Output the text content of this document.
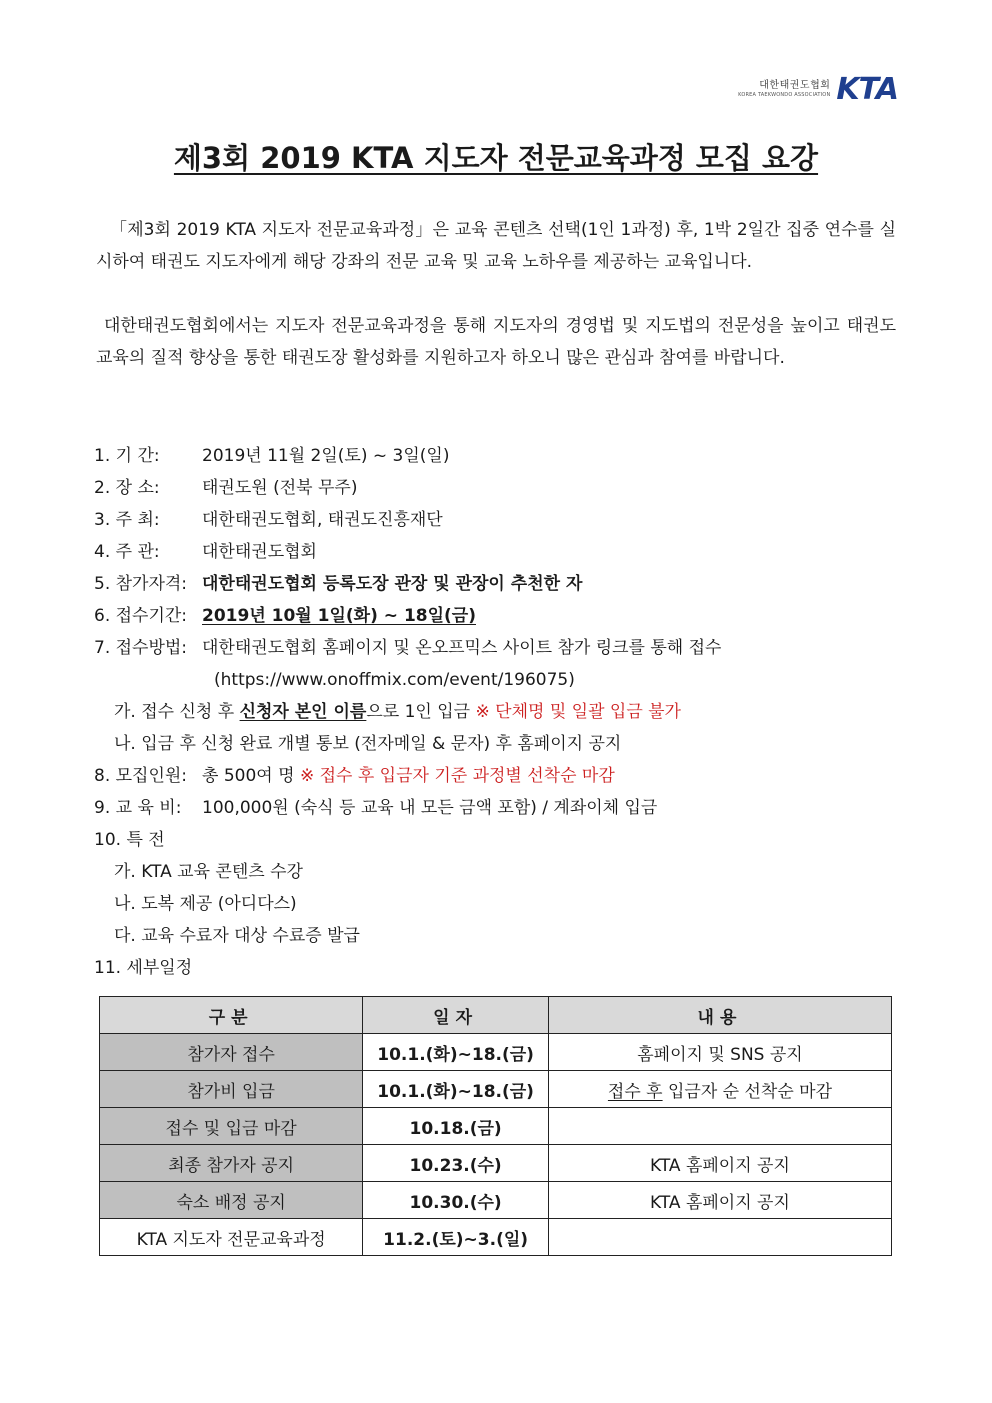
대한태권도협회
KOREA TAEKWONDO ASSOCIATION KTA
제3회 2019 KTA 지도자 전문교육과정 모집 요강

「제3회 2019 KTA 지도자 전문교육과정」은 교육 콘텐츠 선택(1인 1과정) 후, 1박 2일간 집중 연수를 실시하여 태권도 지도자에게 해당 강좌의 전문 교육 및 교육 노하우를 제공하는 교육입니다.

대한태권도협회에서는 지도자 전문교육과정을 통해 지도자의 경영법 및 지도법의 전문성을 높이고 태권도 교육의 질적 향상을 통한 태권도장 활성화를 지원하고자 하오니 많은 관심과 참여를 바랍니다.

1. 기 간: 2019년 11월 2일(토) ~ 3일(일)
2. 장 소: 태권도원 (전북 무주)
3. 주 최: 대한태권도협회, 태권도진흥재단
4. 주 관: 대한태권도협회
5. 참가자격: 대한태권도협회 등록도장 관장 및 관장이 추천한 자
6. 접수기간: 2019년 10월 1일(화) ~ 18일(금)
7. 접수방법: 대한태권도협회 홈페이지 및 온오프믹스 사이트 참가 링크를 통해 접수
(https://www.onoffmix.com/event/196075)
가. 접수 신청 후 신청자 본인 이름으로 1인 입금 ※ 단체명 및 일괄 입금 불가
나. 입금 후 신청 완료 개별 통보 (전자메일 & 문자) 후 홈페이지 공지
8. 모집인원: 총 500여 명 ※ 접수 후 입금자 기준 과정별 선착순 마감
9. 교 육 비: 100,000원 (숙식 등 교육 내 모든 금액 포함) / 계좌이체 입금
10. 특 전
가. KTA 교육 콘텐츠 수강
나. 도복 제공 (아디다스)
다. 교육 수료자 대상 수료증 발급
11. 세부일정
구분	일자	내용
참가자 접수	10.1.(화)~18.(금)	홈페이지 및 SNS 공지
참가비 입금	10.1.(화)~18.(금)	접수 후 입금자 순 선착순 마감
접수 및 입금 마감	10.18.(금)	
최종 참가자 공지	10.23.(수)	KTA 홈페이지 공지
숙소 배정 공지	10.30.(수)	KTA 홈페이지 공지
KTA 지도자 전문교육과정	11.2.(토)~3.(일)	
